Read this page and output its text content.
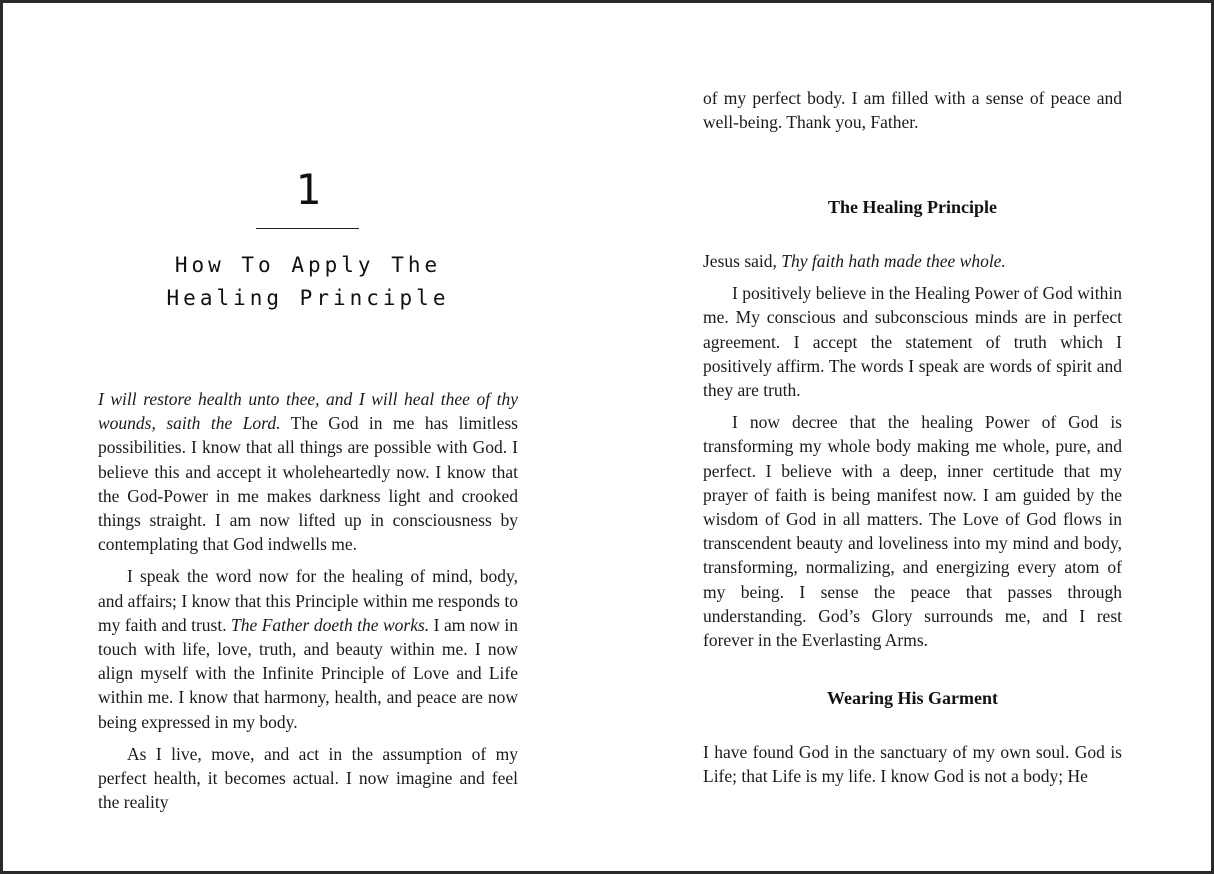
1
How To Apply The
Healing Principle

I will restore health unto thee, and I will heal thee of thy wounds, saith the Lord. The God in me has limitless possibilities. I know that all things are possible with God. I believe this and accept it wholeheartedly now. I know that the God-Power in me makes darkness light and crooked things straight. I am now lifted up in consciousness by contemplating that God indwells me.

I speak the word now for the healing of mind, body, and affairs; I know that this Principle within me responds to my faith and trust. The Father doeth the works. I am now in touch with life, love, truth, and beauty within me. I now align myself with the Infinite Principle of Love and Life within me. I know that harmony, health, and peace are now being expressed in my body.

As I live, move, and act in the assumption of my perfect health, it becomes actual. I now imagine and feel the reality

of my perfect body. I am filled with a sense of peace and well-being. Thank you, Father.

The Healing Principle

Jesus said, Thy faith hath made thee whole.

I positively believe in the Healing Power of God within me. My conscious and subconscious minds are in perfect agreement. I accept the statement of truth which I positively affirm. The words I speak are words of spirit and they are truth.

I now decree that the healing Power of God is transforming my whole body making me whole, pure, and perfect. I believe with a deep, inner certitude that my prayer of faith is being manifest now. I am guided by the wisdom of God in all matters. The Love of God flows in transcendent beauty and loveliness into my mind and body, transforming, normalizing, and energizing every atom of my being. I sense the peace that passes through understanding. God’s Glory surrounds me, and I rest forever in the Everlasting Arms.

Wearing His Garment

I have found God in the sanctuary of my own soul. God is Life; that Life is my life. I know God is not a body; He
